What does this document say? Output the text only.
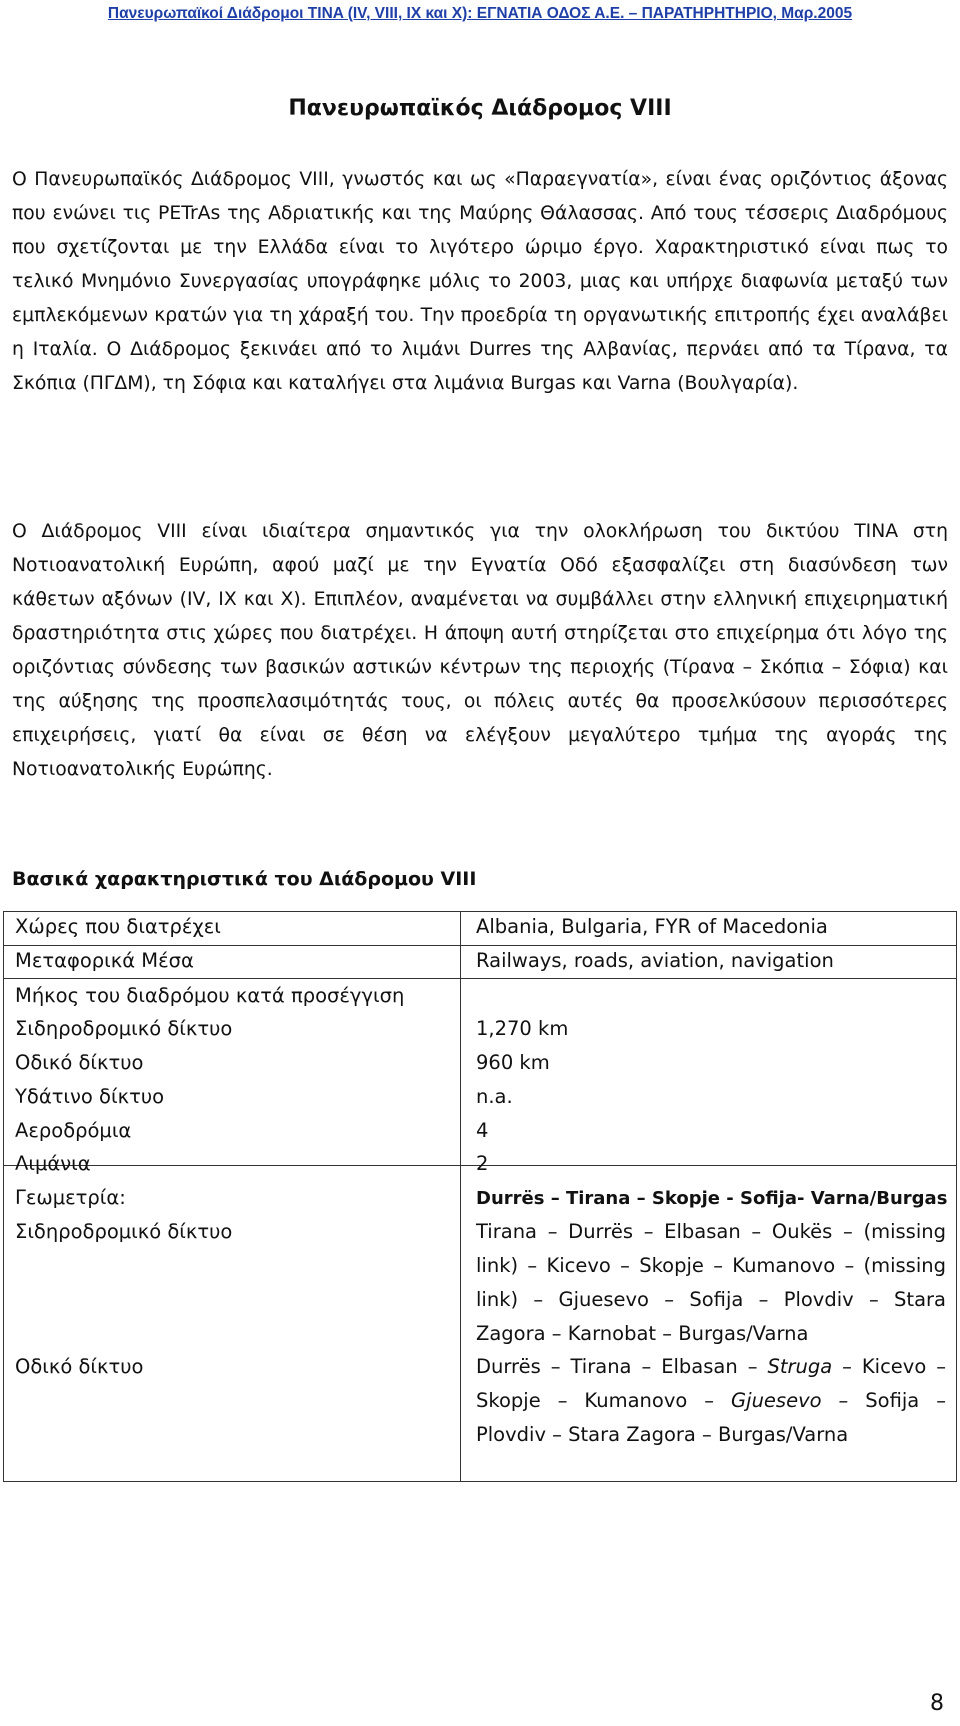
Πανευρωπαϊκοί Διάδρομοι TINA (IV, VIII, IX και X): ΕΓΝΑΤΙΑ ΟΔΟΣ Α.Ε. – ΠΑΡΑΤΗΡΗΤΗΡΙΟ, Μαρ.2005
Πανευρωπαϊκός Διάδρομος VIII

Ο Πανευρωπαϊκός Διάδρομος VIII, γνωστός και ως «Παραεγνατία», είναι ένας οριζόντιος άξονας που ενώνει τις PETrAs της Αδριατικής και της Μαύρης Θάλασσας. Από τους τέσσερις Διαδρόμους που σχετίζονται με την Ελλάδα είναι το λιγότερο ώριμο έργο. Χαρακτηριστικό είναι πως το τελικό Μνημόνιο Συνεργασίας υπογράφηκε μόλις το 2003, μιας και υπήρχε διαφωνία μεταξύ των εμπλεκόμενων κρατών για τη χάραξή του. Την προεδρία τη οργανωτικής επιτροπής έχει αναλάβει η Ιταλία. Ο Διάδρομος ξεκινάει από το λιμάνι Durres της Αλβανίας, περνάει από τα Τίρανα, τα Σκόπια (ΠΓΔΜ), τη Σόφια και καταλήγει στα λιμάνια Burgas και Varna (Βουλγαρία).

Ο Διάδρομος VIII είναι ιδιαίτερα σημαντικός για την ολοκλήρωση του δικτύου TINA στη Νοτιοανατολική Ευρώπη, αφού μαζί με την Εγνατία Οδό εξασφαλίζει στη διασύνδεση των κάθετων αξόνων (IV, IX και X). Επιπλέον, αναμένεται να συμβάλλει στην ελληνική επιχειρηματική δραστηριότητα στις χώρες που διατρέχει. Η άποψη αυτή στηρίζεται στο επιχείρημα ότι λόγο της οριζόντιας σύνδεσης των βασικών αστικών κέντρων της περιοχής (Τίρανα – Σκόπια – Σόφια) και της αύξησης της προσπελασιμότητάς τους, οι πόλεις αυτές θα προσελκύσουν περισσότερες επιχειρήσεις, γιατί θα είναι σε θέση να ελέγξουν μεγαλύτερο τμήμα της αγοράς της Νοτιοανατολικής Ευρώπης.

Βασικά χαρακτηριστικά του Διάδρομου VIII
Χώρες που διατρέχει	Albania, Bulgaria, FYR of Macedonia
Μεταφορικά Μέσα	Railways, roads, aviation, navigation
Μήκος του διαδρόμου κατά προσέγγιση
Σιδηροδρομικό δίκτυο	1,270 km
Οδικό δίκτυο	960 km
Υδάτινο δίκτυο	n.a.
Αεροδρόμια	4
Λιμάνια	2
Γεωμετρία:	Durrës – Tirana – Skopje - Sofija- Varna/Burgas
Σιδηροδρομικό δίκτυο	Tirana – Durrës – Elbasan – Oukës – (missing link) – Kicevo – Skopje – Kumanovo – (missing link) – Gjuesevo – Sofija – Plovdiv – Stara Zagora – Karnobat – Burgas/Varna

Οδικό δίκτυο	Durrës – Tirana – Elbasan – Struga – Kicevo – Skopje – Kumanovo – Gjuesevo – Sofija – Plovdiv – Stara Zagora – Burgas/Varna

8
